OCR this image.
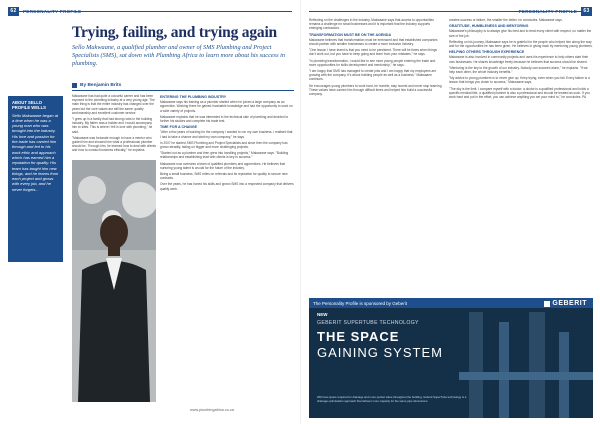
62
Trying, failing, and trying again
Sello Makwaane, a qualified plumber and owner of SMS Plumbing and Project Specialists (SMS), sat down with Plumbing Africa to learn more about his success in plumbing.
By Benjamin Brits
ABOUT SELLO PROFILE WELLS
Sello Makwaane began at a time when he was a young man who was brought into the industry. His love and passion for the trade has carried him through and led to his work ethic and approach which has earned him a reputation for quality. His team has taught him new things, and he learns from each project and grows with every job, and he never forgets...

Makwaane has had quite a colourful career and has been exposed to the plumbing industry at a very young age. The main thing is that the entire industry has changed over the years but the core values are still the same: quality workmanship and excellent customer service.

"I grew up in a family that had strong roots in the building industry. My father was a builder and I would accompany him to sites. This is where I fell in love with plumbing," he said.

"Makwaane was fortunate enough to have a mentor who guided him and showed him what a professional plumber should be. Through him, he learned how to deal with clients and how to conduct business ethically," he explains.

ENTERING THE PLUMBING INDUSTRY

Makwaane says his training as a plumber started when he joined a large company as an apprentice. Working there he gained invaluable knowledge and had the opportunity to work on a wide variety of projects.

Makwaane explains that he was interested in the technical side of plumbing and decided to further his studies and complete his trade test.

TIME FOR A CHANGE

"After a few years of working for the company I wanted to run my own business. I realised that I had to take a chance and start my own company," he says.

In 2007 he started SMS Plumbing and Project Specialists and since then the company has grown steadily, taking on bigger and more challenging projects.

"Started out as a plumber and then grew into handling projects," Makwaane says. "Building relationships and establishing trust with clients is key to success."

Makwaane now oversees a team of qualified plumbers and apprentices. He believes that nurturing young talent is crucial for the future of the industry.

Being a small business, SMS relies on referrals and its reputation for quality to secure new contracts.

Over the years, he has honed his skills and grown SMS into a respected company that delivers quality work.

www.plumbingafrica.co.za
63

Reflecting on the challenges in the industry, Makwaane says that access to opportunities remains a challenge for small businesses and it is important that the industry supports emerging contractors.

TRANSFORMATION MUST BE ON THE AGENDA

Makwaane believes that transformation must be embraced and that established companies should partner with smaller businesses to create a more inclusive industry.

"One lesson I have learnt is that you need to be persistent. There will be times when things don't work out, but you have to keep going and learn from your mistakes," he says.

"In plumbing transformation, I would like to see more young people entering the trade and more opportunities for skills development and mentorship," he says.

"I am happy that SMS has managed to create jobs and I am happy that my employees are growing with the company. It's about building people as well as a business," Makwaane continues.

He encourages young plumbers to work hard, be humble, stay honest and never stop learning. These values have carried him through difficult times and helped him build a successful company.

creates success or failure, the smaller the better, he concludes. Makwaane says.

GRATITUDE, HUMBLENESS AND MENTORING

Makwaane's philosophy is to always give his best and to treat every client with respect, no matter the size of the job.

Reflecting on his journey, Makwaane says he is grateful for the people who helped him along the way and for the opportunities he has been given. He believes in giving back by mentoring young plumbers.

HELPING OTHERS THROUGH EXPERIENCE

Makwaane is also involved in community projects and uses his experience to help others start their own businesses. He shares knowledge freely because he believes that success should be shared.

"Mentoring is the key to the growth of our industry. Nobody can succeed alone," he explains. "If we help each other, the whole industry benefits."

"My advice to young plumbers is to never give up. Keep trying, even when you fail. Every failure is a lesson that brings you closer to success," Makwaane says.

"The sky is the limit. I compare myself with a doctor: a doctor is a qualified professional and holds a specific medical title, a qualified plumber is also a professional and should be treated as such. If you work hard and put in the effort, you can achieve anything you set your mind to," he concludes. PA

The Personality Profile is sponsored by Geberit	GEBERIT
NEW
GEBERIT SUPERTUBE TECHNOLOGY
THE SPACE
GAINING SYSTEM
With less space required for drainage and more pocket value throughout the building, Geberit SuperTube technology is a drainage optimisation approach that delivers more capacity for the same pipe dimensions.
